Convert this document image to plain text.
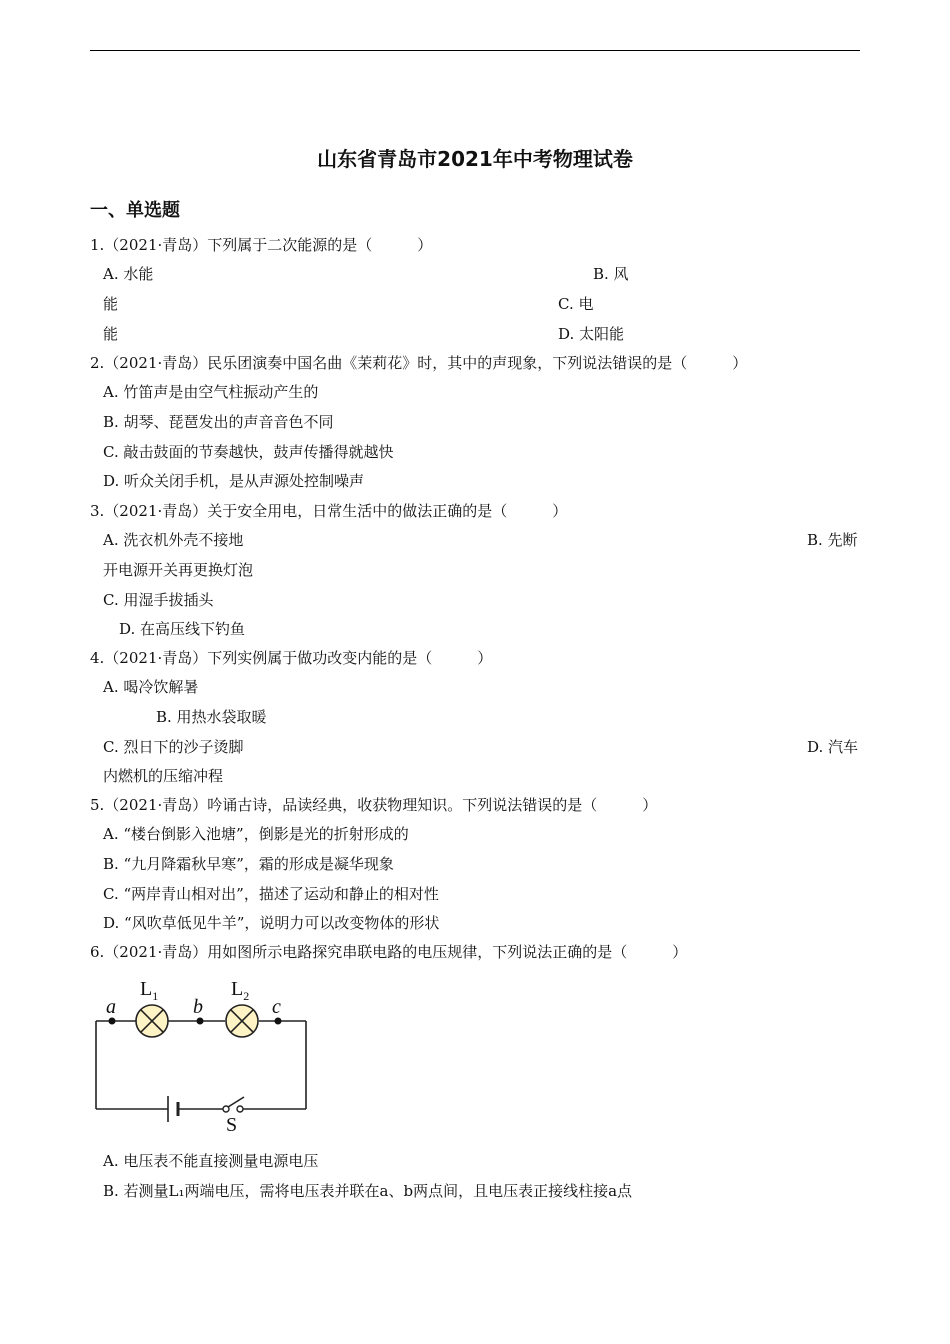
山东省青岛市2021年中考物理试卷
一、单选题
1.（2021·青岛）下列属于二次能源的是（　　　）
A. 水能	B. 风
能	C. 电
能	D. 太阳能
2.（2021·青岛）民乐团演奏中国名曲《茉莉花》时，其中的声现象，下列说法错误的是（　　　）
A. 竹笛声是由空气柱振动产生的
B. 胡琴、琵琶发出的声音音色不同
C. 敲击鼓面的节奏越快，鼓声传播得就越快
D. 听众关闭手机，是从声源处控制噪声
3.（2021·青岛）关于安全用电，日常生活中的做法正确的是（　　　）
A. 洗衣机外壳不接地	B. 先断
开电源开关再更换灯泡
C. 用湿手拔插头
D. 在高压线下钓鱼
4.（2021·青岛）下列实例属于做功改变内能的是（　　　）
A. 喝冷饮解暑
B. 用热水袋取暖
C. 烈日下的沙子烫脚	D. 汽车
内燃机的压缩冲程
5.（2021·青岛）吟诵古诗，品读经典，收获物理知识。下列说法错误的是（　　　）
A. “楼台倒影入池塘”，倒影是光的折射形成的
B. “九月降霜秋早寒”，霜的形成是凝华现象
C. “两岸青山相对出”，描述了运动和静止的相对性
D. “风吹草低见牛羊”，说明力可以改变物体的形状
6.（2021·青岛）用如图所示电路探究串联电路的电压规律，下列说法正确的是（　　　）
a	b	c
$L_1$	$L_2$
S
A. 电压表不能直接测量电源电压
B. 若测量L₁两端电压，需将电压表并联在a、b两点间，且电压表正接线柱接a点
